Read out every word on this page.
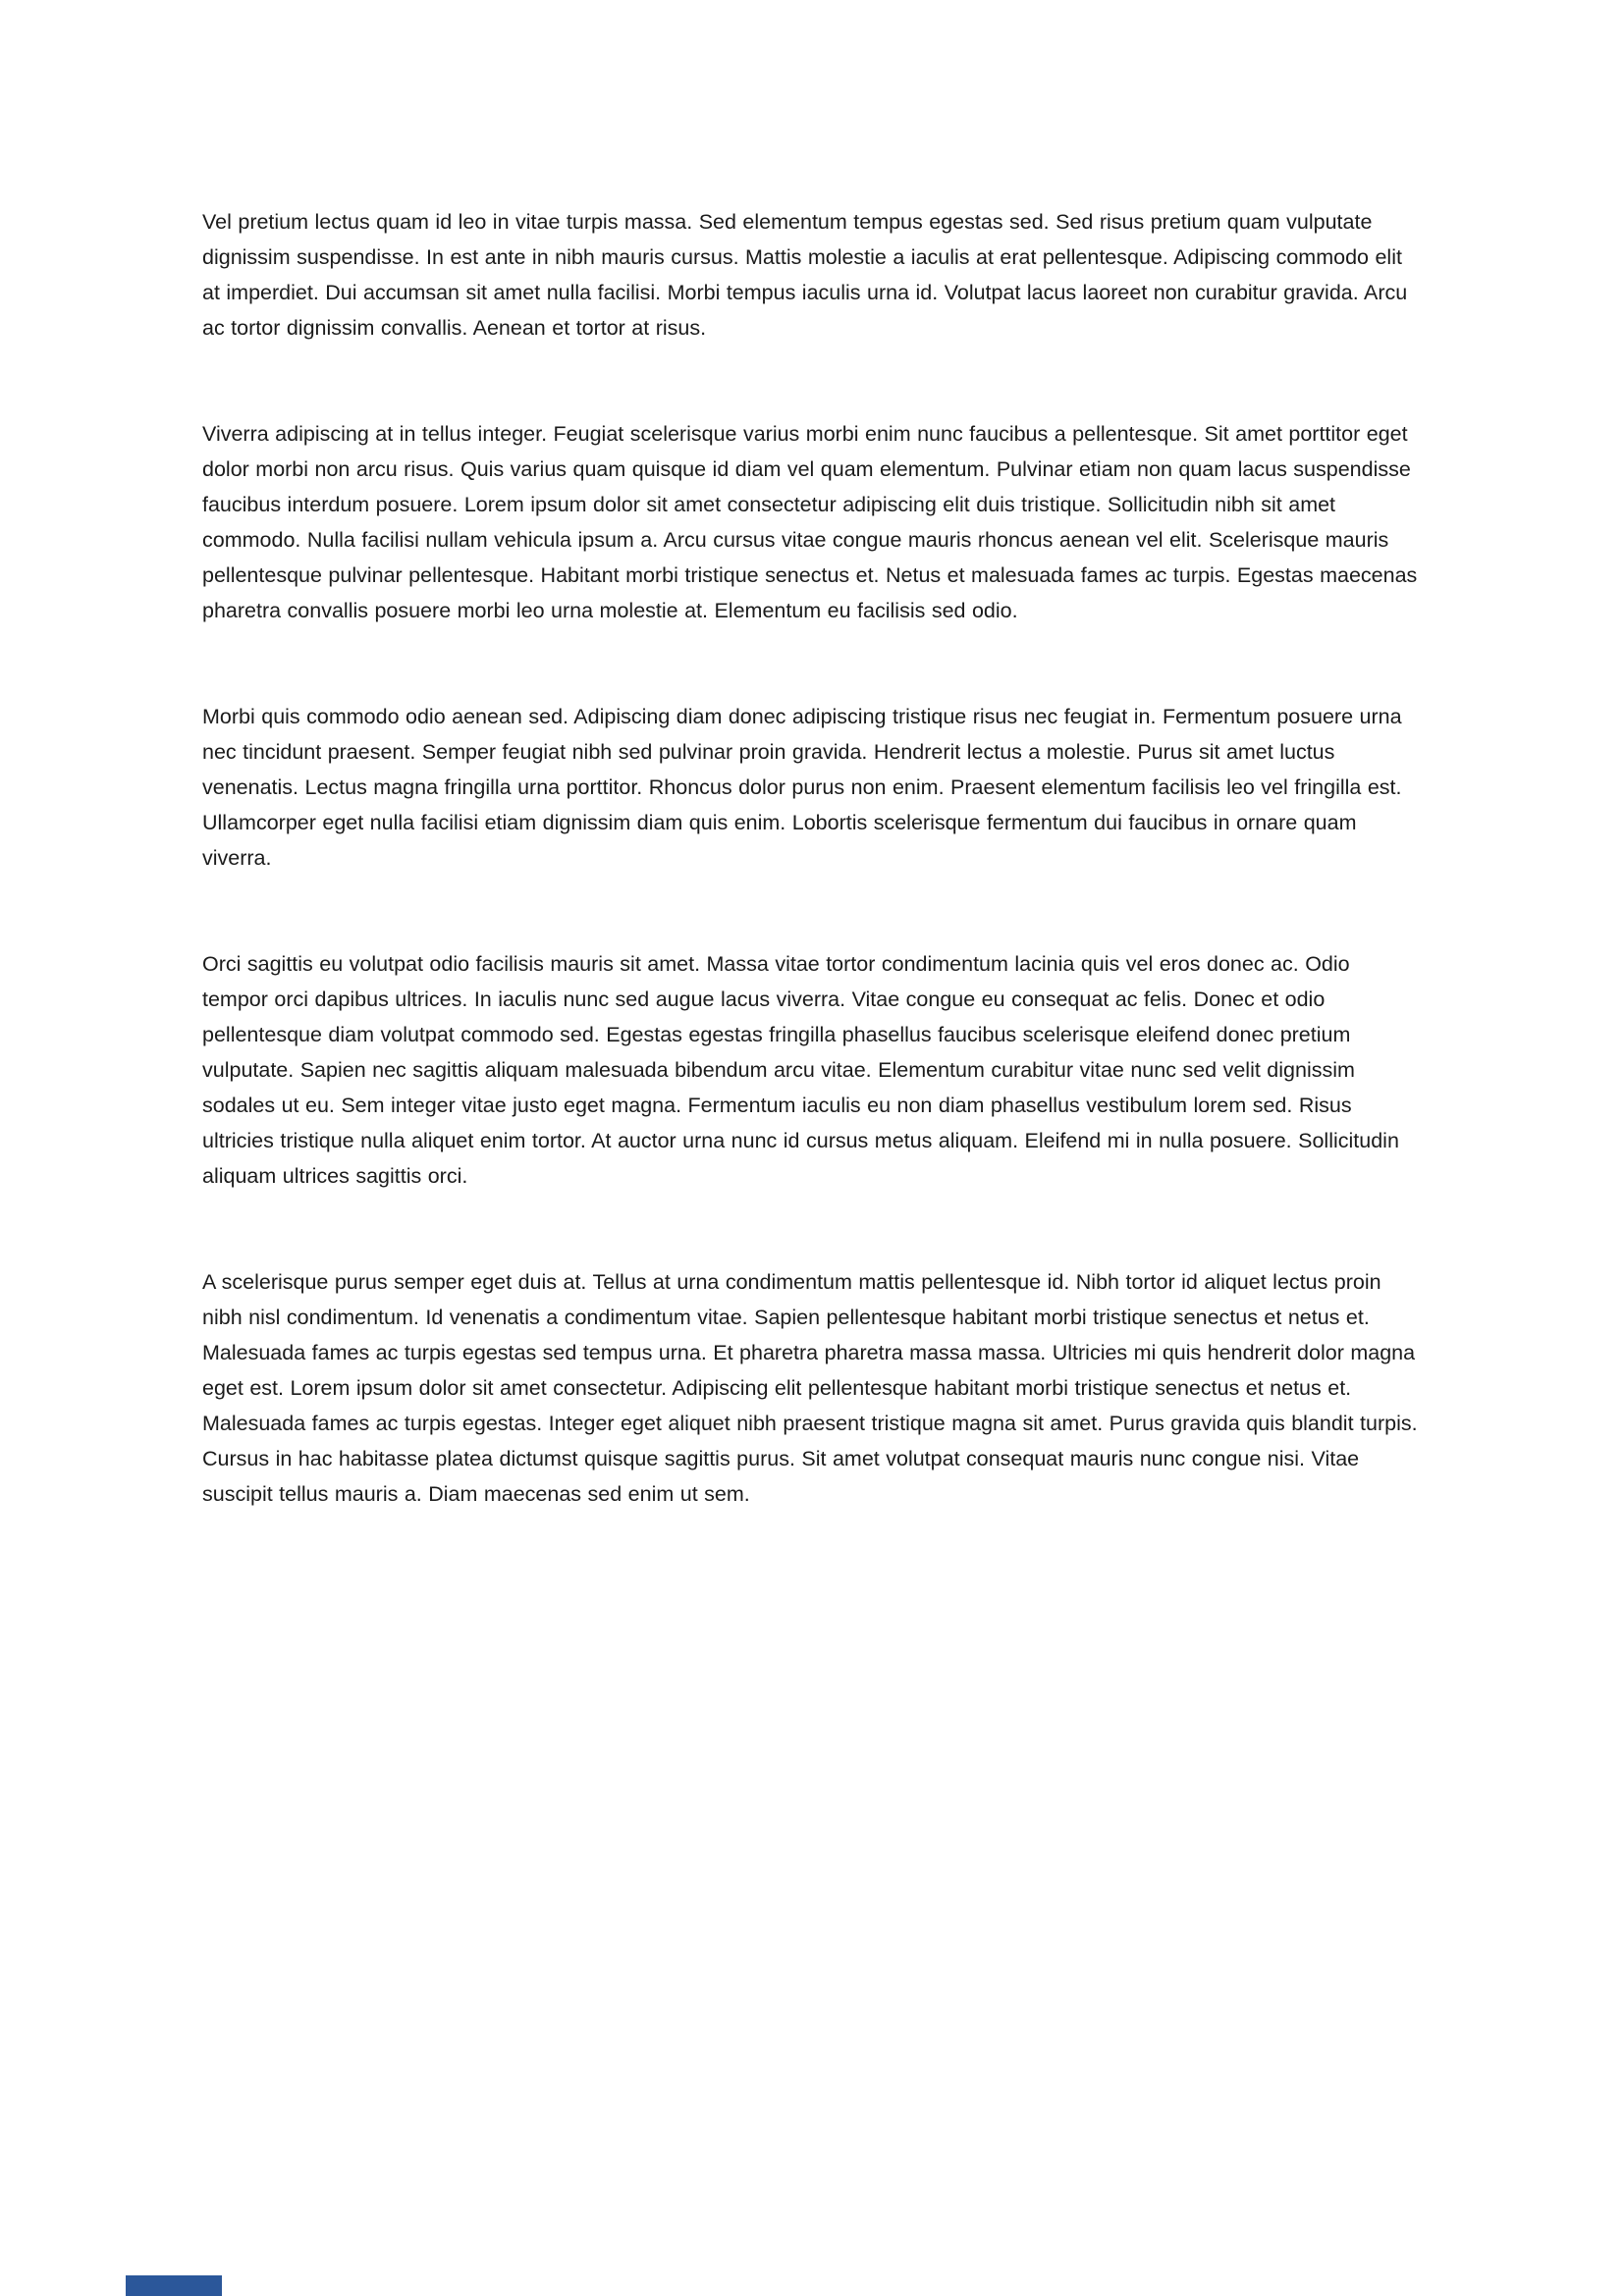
Vel pretium lectus quam id leo in vitae turpis massa. Sed elementum tempus egestas sed. Sed risus pretium quam vulputate dignissim suspendisse. In est ante in nibh mauris cursus. Mattis molestie a iaculis at erat pellentesque. Adipiscing commodo elit at imperdiet. Dui accumsan sit amet nulla facilisi. Morbi tempus iaculis urna id. Volutpat lacus laoreet non curabitur gravida. Arcu ac tortor dignissim convallis. Aenean et tortor at risus.

Viverra adipiscing at in tellus integer. Feugiat scelerisque varius morbi enim nunc faucibus a pellentesque. Sit amet porttitor eget dolor morbi non arcu risus. Quis varius quam quisque id diam vel quam elementum. Pulvinar etiam non quam lacus suspendisse faucibus interdum posuere. Lorem ipsum dolor sit amet consectetur adipiscing elit duis tristique. Sollicitudin nibh sit amet commodo. Nulla facilisi nullam vehicula ipsum a. Arcu cursus vitae congue mauris rhoncus aenean vel elit. Scelerisque mauris pellentesque pulvinar pellentesque. Habitant morbi tristique senectus et. Netus et malesuada fames ac turpis. Egestas maecenas pharetra convallis posuere morbi leo urna molestie at. Elementum eu facilisis sed odio.

Morbi quis commodo odio aenean sed. Adipiscing diam donec adipiscing tristique risus nec feugiat in. Fermentum posuere urna nec tincidunt praesent. Semper feugiat nibh sed pulvinar proin gravida. Hendrerit lectus a molestie. Purus sit amet luctus venenatis. Lectus magna fringilla urna porttitor. Rhoncus dolor purus non enim. Praesent elementum facilisis leo vel fringilla est. Ullamcorper eget nulla facilisi etiam dignissim diam quis enim. Lobortis scelerisque fermentum dui faucibus in ornare quam viverra.

Orci sagittis eu volutpat odio facilisis mauris sit amet. Massa vitae tortor condimentum lacinia quis vel eros donec ac. Odio tempor orci dapibus ultrices. In iaculis nunc sed augue lacus viverra. Vitae congue eu consequat ac felis. Donec et odio pellentesque diam volutpat commodo sed. Egestas egestas fringilla phasellus faucibus scelerisque eleifend donec pretium vulputate. Sapien nec sagittis aliquam malesuada bibendum arcu vitae. Elementum curabitur vitae nunc sed velit dignissim sodales ut eu. Sem integer vitae justo eget magna. Fermentum iaculis eu non diam phasellus vestibulum lorem sed. Risus ultricies tristique nulla aliquet enim tortor. At auctor urna nunc id cursus metus aliquam. Eleifend mi in nulla posuere. Sollicitudin aliquam ultrices sagittis orci.

A scelerisque purus semper eget duis at. Tellus at urna condimentum mattis pellentesque id. Nibh tortor id aliquet lectus proin nibh nisl condimentum. Id venenatis a condimentum vitae. Sapien pellentesque habitant morbi tristique senectus et netus et. Malesuada fames ac turpis egestas sed tempus urna. Et pharetra pharetra massa massa. Ultricies mi quis hendrerit dolor magna eget est. Lorem ipsum dolor sit amet consectetur. Adipiscing elit pellentesque habitant morbi tristique senectus et netus et. Malesuada fames ac turpis egestas. Integer eget aliquet nibh praesent tristique magna sit amet. Purus gravida quis blandit turpis. Cursus in hac habitasse platea dictumst quisque sagittis purus. Sit amet volutpat consequat mauris nunc congue nisi. Vitae suscipit tellus mauris a. Diam maecenas sed enim ut sem.
